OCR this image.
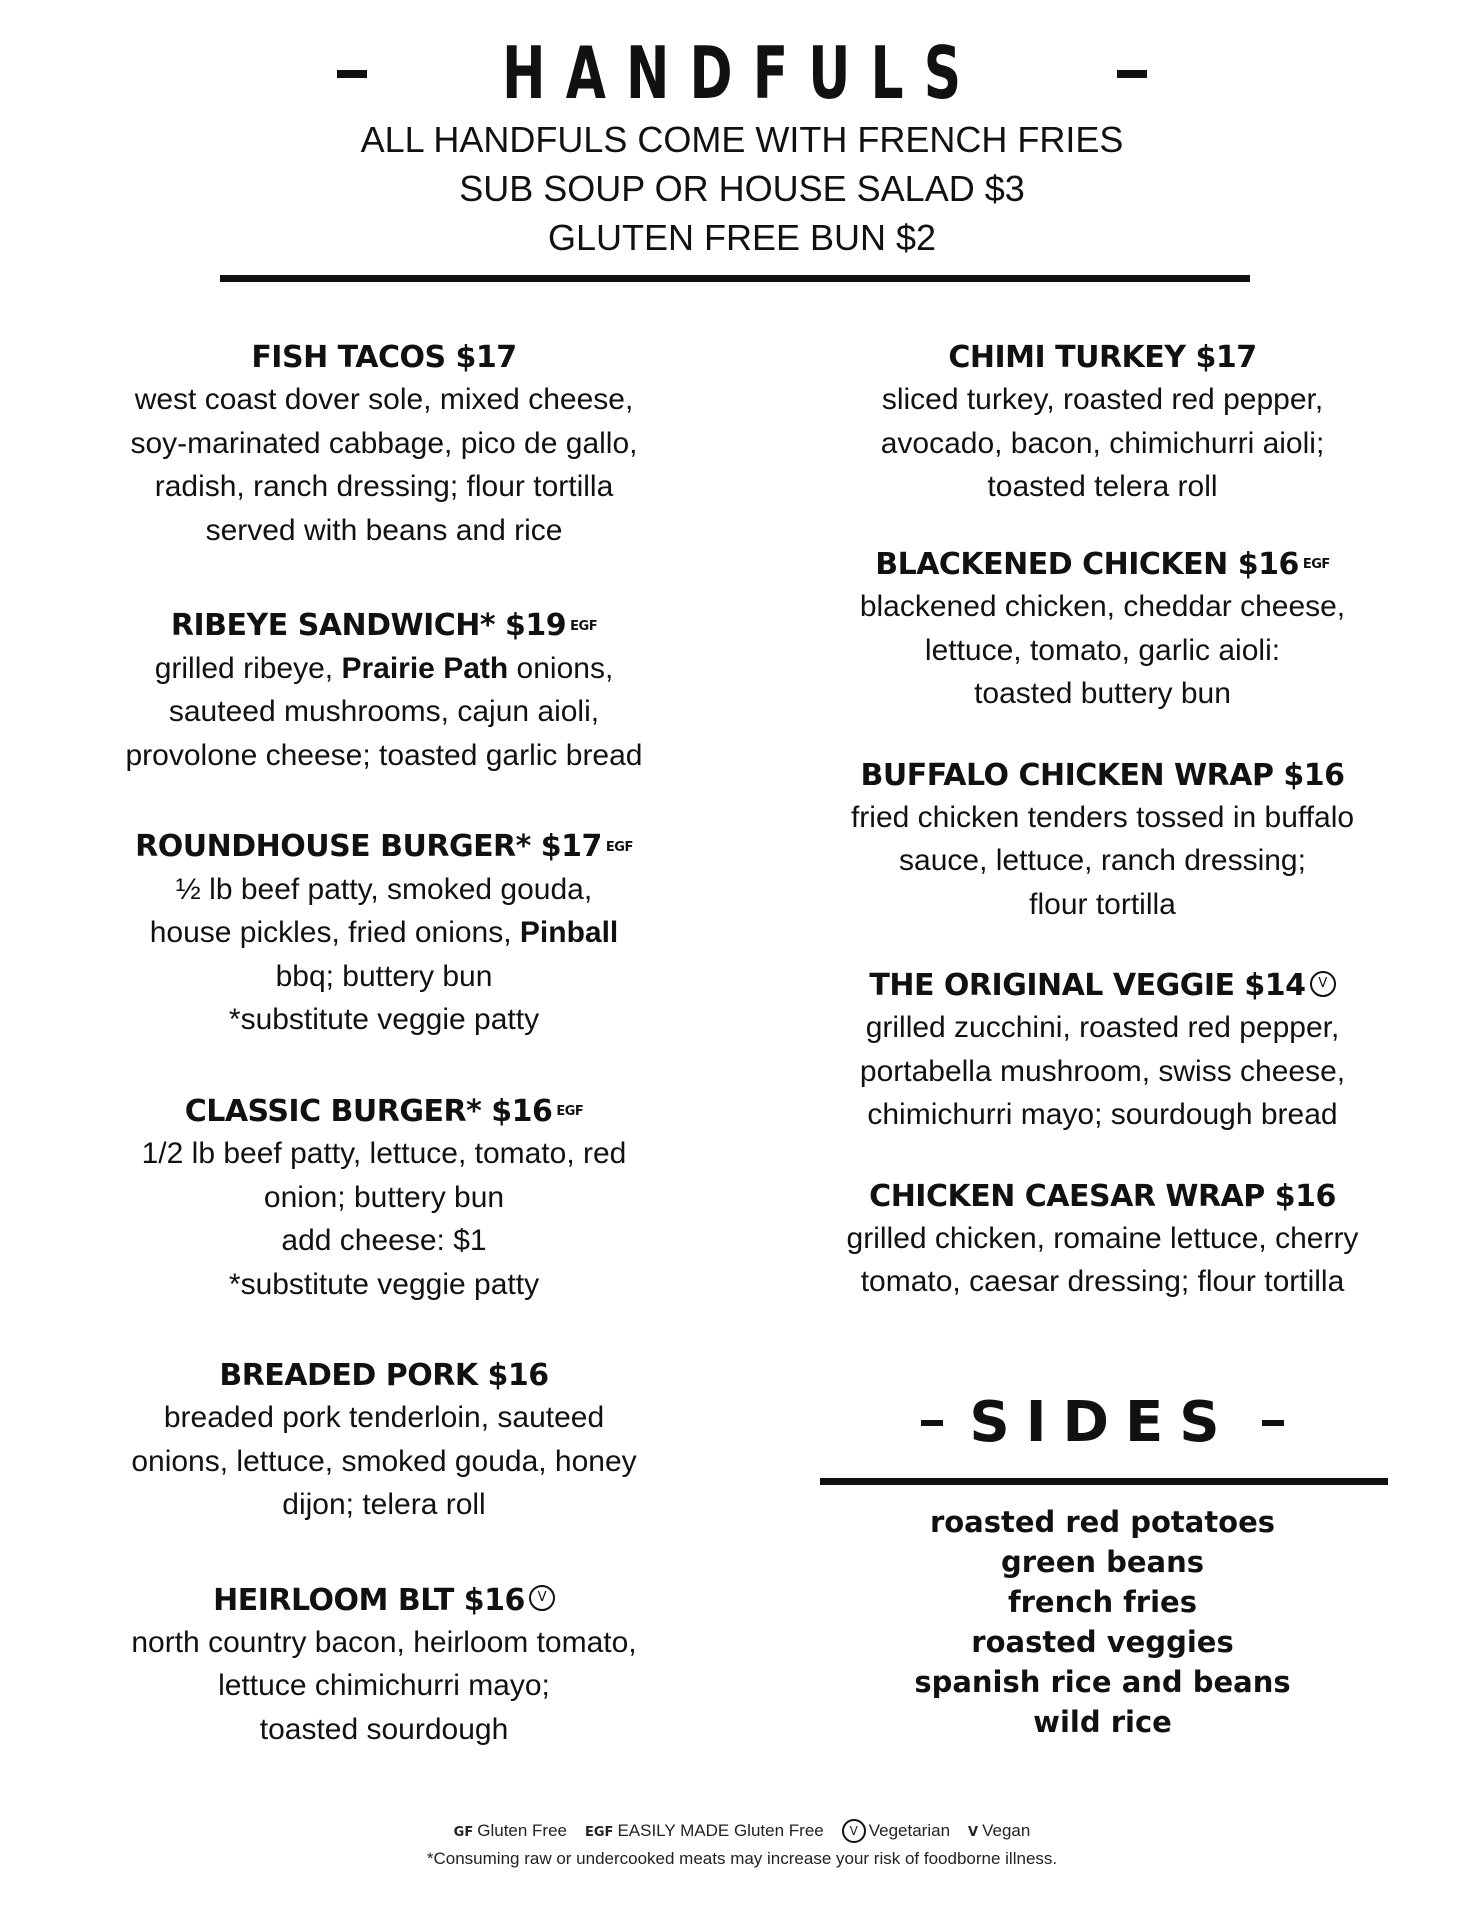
HANDFULS
ALL HANDFULS COME WITH FRENCH FRIES
SUB SOUP OR HOUSE SALAD $3
GLUTEN FREE BUN $2
FISH TACOS $17
west coast dover sole, mixed cheese,
soy-marinated cabbage, pico de gallo,
radish, ranch dressing; flour tortilla
served with beans and rice
RIBEYE SANDWICH* $19 EGF
grilled ribeye, Prairie Path onions,
sauteed mushrooms, cajun aioli,
provolone cheese; toasted garlic bread
ROUNDHOUSE BURGER* $17 EGF
½ lb beef patty, smoked gouda,
house pickles, fried onions, Pinball
bbq; buttery bun
*substitute veggie patty
CLASSIC BURGER* $16 EGF
1/2 lb beef patty, lettuce, tomato, red
onion; buttery bun
add cheese: $1
*substitute veggie patty
BREADED PORK $16
breaded pork tenderloin, sauteed
onions, lettuce, smoked gouda, honey
dijon; telera roll
HEIRLOOM BLT $16 V
north country bacon, heirloom tomato,
lettuce chimichurri mayo;
toasted sourdough
CHIMI TURKEY $17
sliced turkey, roasted red pepper,
avocado, bacon, chimichurri aioli;
toasted telera roll
BLACKENED CHICKEN $16 EGF
blackened chicken, cheddar cheese,
lettuce, tomato, garlic aioli:
toasted buttery bun
BUFFALO CHICKEN WRAP $16
fried chicken tenders tossed in buffalo
sauce, lettuce, ranch dressing;
flour tortilla
THE ORIGINAL VEGGIE $14 V
grilled zucchini, roasted red pepper,
portabella mushroom, swiss cheese,
chimichurri mayo; sourdough bread
CHICKEN CAESAR WRAP $16
grilled chicken, romaine lettuce, cherry
tomato, caesar dressing; flour tortilla
SIDES
roasted red potatoes
green beans
french fries
roasted veggies
spanish rice and beans
wild rice
GF Gluten Free EGF EASILY MADE Gluten Free V Vegetarian V Vegan
*Consuming raw or undercooked meats may increase your risk of foodborne illness.
